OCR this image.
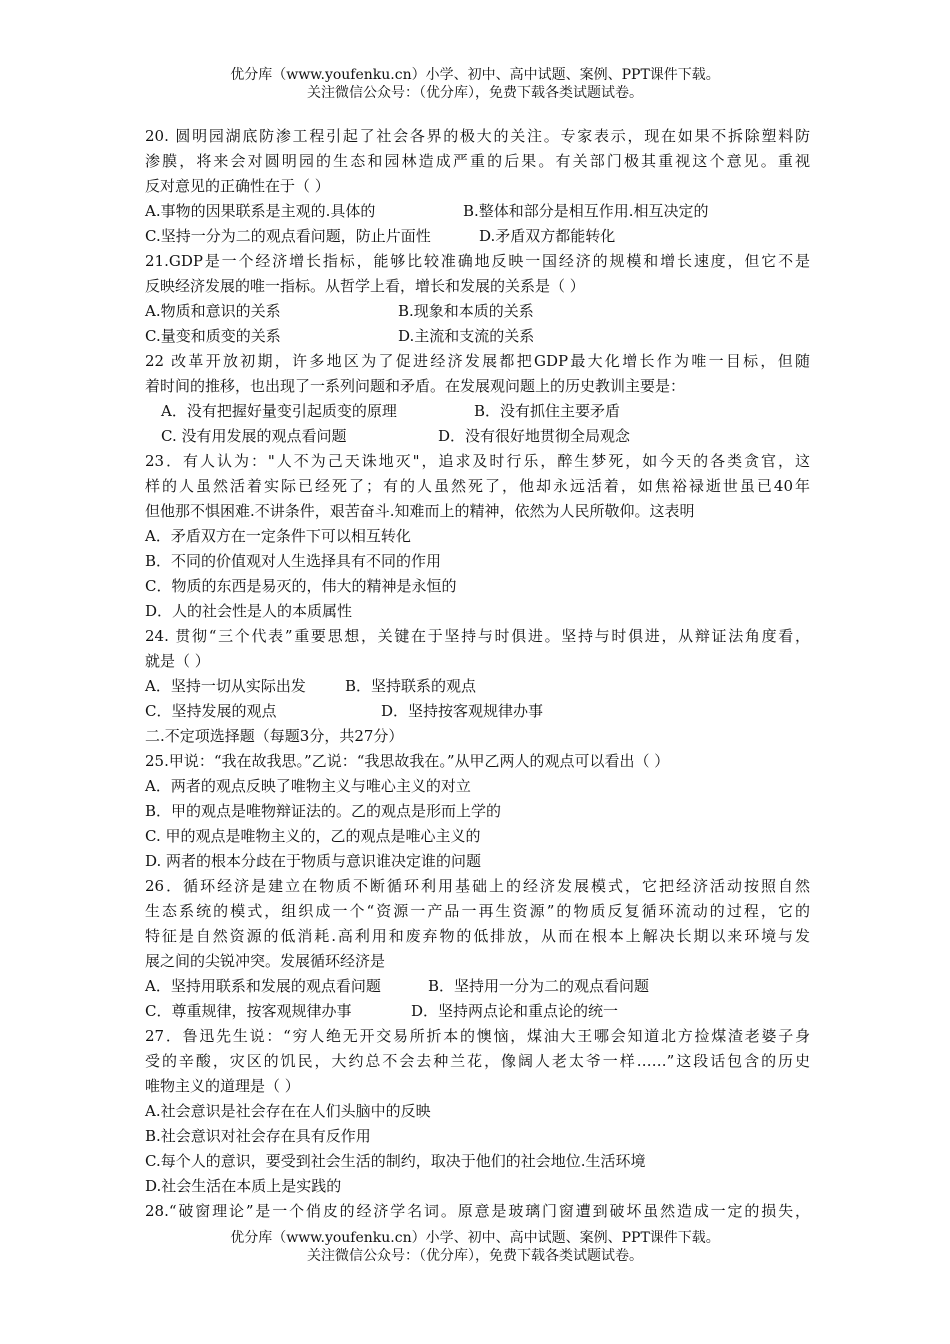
优分库（www.youfenku.cn）小学、初中、高中试题、案例、PPT课件下载。
关注微信公众号：（优分库），免费下载各类试题试卷。
20. 圆明园湖底防渗工程引起了社会各界的极大的关注。专家表示，现在如果不拆除塑料防
渗膜，将来会对圆明园的生态和园林造成严重的后果。有关部门极其重视这个意见。重视
反对意见的正确性在于（ ）
A.事物的因果联系是主观的.具体的	B.整体和部分是相互作用.相互决定的
C.坚持一分为二的观点看问题，防止片面性	D.矛盾双方都能转化
21.GDP是一个经济增长指标，能够比较准确地反映一国经济的规模和增长速度，但它不是
反映经济发展的唯一指标。从哲学上看，增长和发展的关系是（ ）
A.物质和意识的关系	B.现象和本质的关系
C.量变和质变的关系	D.主流和支流的关系
22 改革开放初期，许多地区为了促进经济发展都把GDP最大化增长作为唯一目标，但随
着时间的推移，也出现了一系列问题和矛盾。在发展观问题上的历史教训主要是：
A．没有把握好量变引起质变的原理	B．没有抓住主要矛盾
C. 没有用发展的观点看问题	D．没有很好地贯彻全局观念
23．有人认为："人不为己天诛地灭"，追求及时行乐，醉生梦死，如今天的各类贪官，这
样的人虽然活着实际已经死了；有的人虽然死了，他却永远活着，如焦裕禄逝世虽已40年
但他那不惧困难.不讲条件，艰苦奋斗.知难而上的精神，依然为人民所敬仰。这表明
A．矛盾双方在一定条件下可以相互转化
B．不同的价值观对人生选择具有不同的作用
C．物质的东西是易灭的，伟大的精神是永恒的
D．人的社会性是人的本质属性
24. 贯彻“三个代表”重要思想，关键在于坚持与时俱进。坚持与时俱进，从辩证法角度看，
就是（ ）
A．坚持一切从实际出发	B．坚持联系的观点
C．坚持发展的观点	D．坚持按客观规律办事
二.不定项选择题（每题3分，共27分）
25.甲说：“我在故我思。”乙说：“我思故我在。”从甲乙两人的观点可以看出（ ）
A．两者的观点反映了唯物主义与唯心主义的对立
B．甲的观点是唯物辩证法的。乙的观点是形而上学的
C. 甲的观点是唯物主义的，乙的观点是唯心主义的
D. 两者的根本分歧在于物质与意识谁决定谁的问题
26．循环经济是建立在物质不断循环利用基础上的经济发展模式，它把经济活动按照自然
生态系统的模式，组织成一个“资源一产品一再生资源”的物质反复循环流动的过程，它的
特征是自然资源的低消耗.高利用和废弃物的低排放，从而在根本上解决长期以来环境与发
展之间的尖锐冲突。发展循环经济是
A．坚持用联系和发展的观点看问题	B．坚持用一分为二的观点看问题
C．尊重规律，按客观规律办事	D．坚持两点论和重点论的统一
27．鲁迅先生说：“穷人绝无开交易所折本的懊恼，煤油大王哪会知道北方捡煤渣老婆子身
受的辛酸，灾区的饥民，大约总不会去种兰花，像阔人老太爷一样……”这段话包含的历史
唯物主义的道理是（ ）
A.社会意识是社会存在在人们头脑中的反映
B.社会意识对社会存在具有反作用
C.每个人的意识，要受到社会生活的制约，取决于他们的社会地位.生活环境
D.社会生活在本质上是实践的
28.“破窗理论”是一个俏皮的经济学名词。原意是玻璃门窗遭到破坏虽然造成一定的损失，
优分库（www.youfenku.cn）小学、初中、高中试题、案例、PPT课件下载。
关注微信公众号：（优分库），免费下载各类试题试卷。
